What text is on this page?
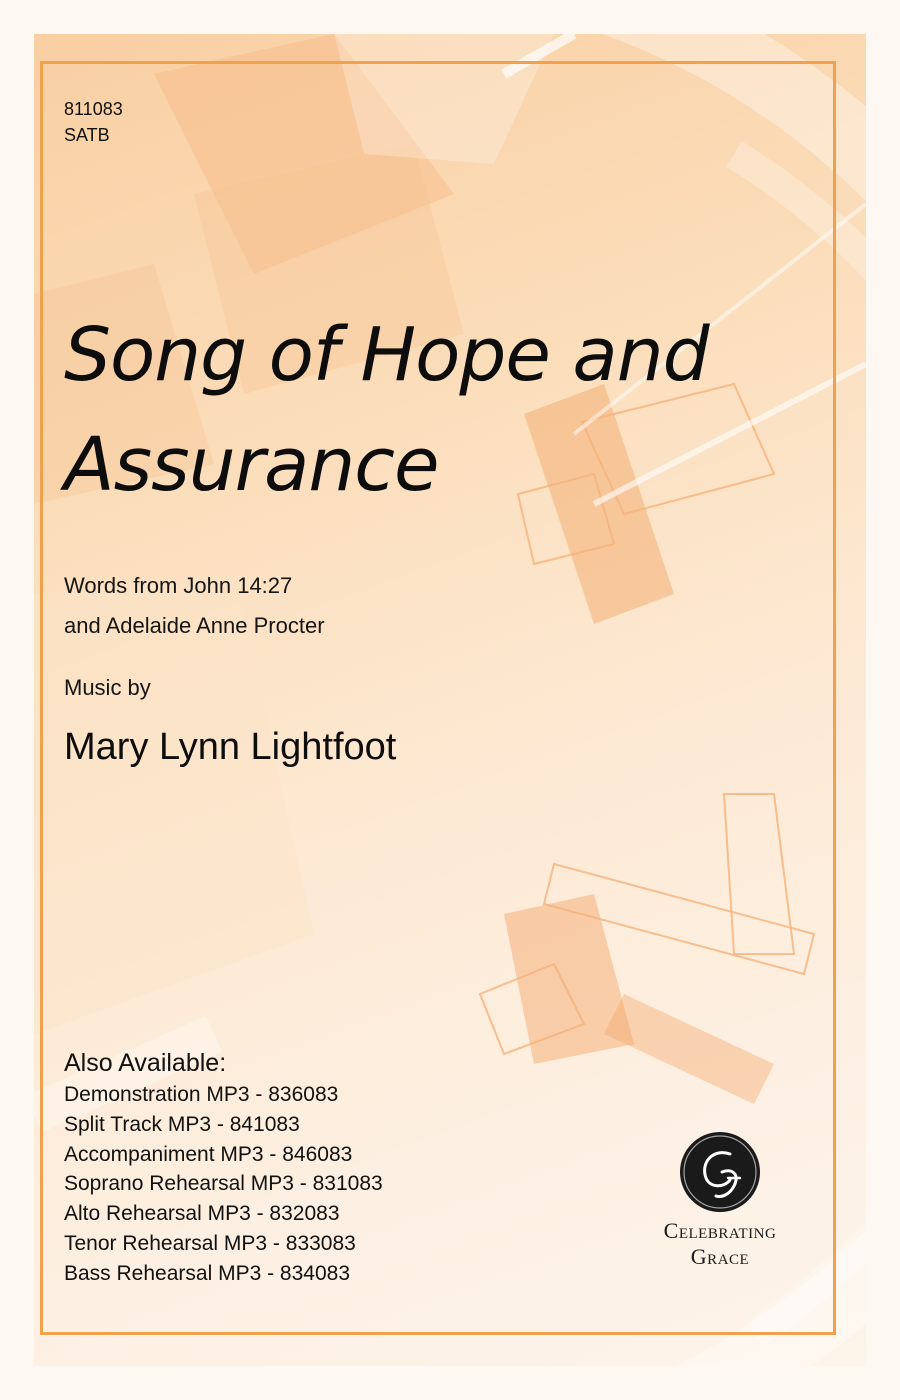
811083
SATB
Song of Hope and
Assurance
Words from John 14:27
and Adelaide Anne Procter
Music by
Mary Lynn Lightfoot
Also Available:
Demonstration MP3 - 836083
Split Track MP3 - 841083
Accompaniment MP3 - 846083
Soprano Rehearsal MP3 - 831083
Alto Rehearsal MP3 - 832083
Tenor Rehearsal MP3 - 833083
Bass Rehearsal MP3 - 834083
Celebrating
Grace
